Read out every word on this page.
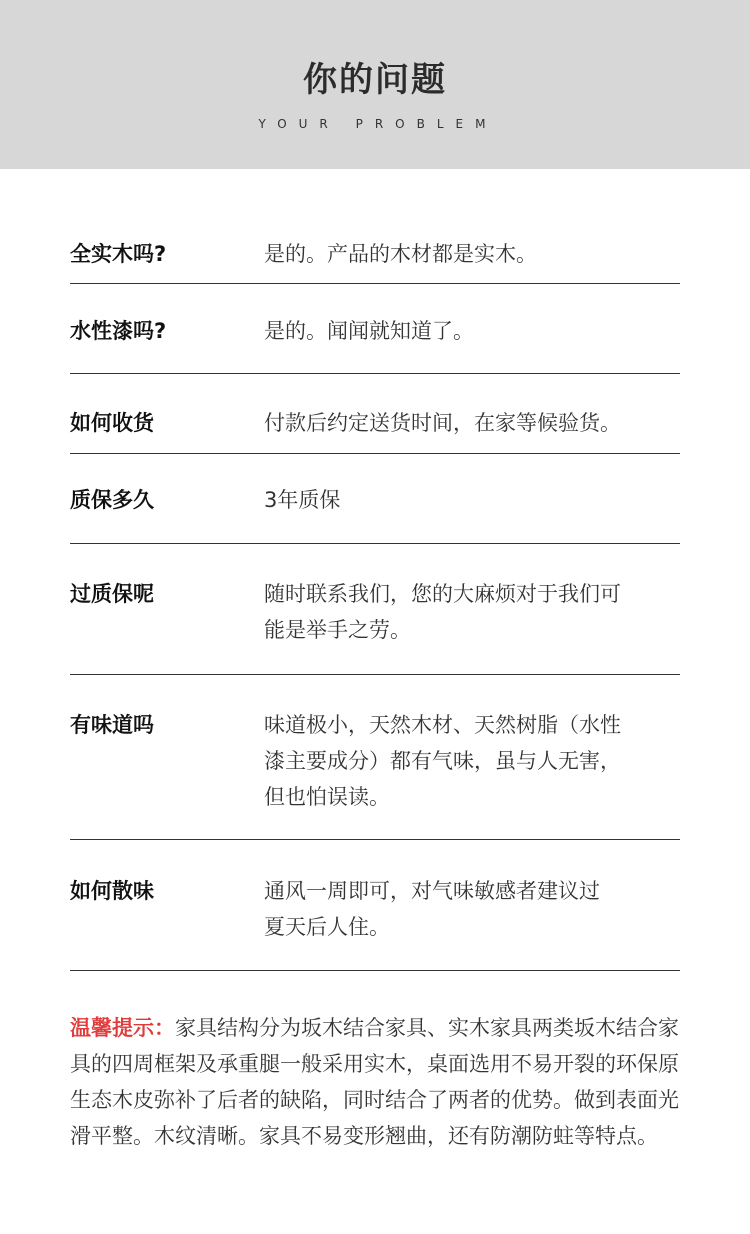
你的问题
YOUR PROBLEM
全实木吗?	是的。产品的木材都是实木。
水性漆吗?	是的。闻闻就知道了。
如何收货	付款后约定送货时间，在家等候验货。
质保多久	3年质保
过质保呢	随时联系我们，您的大麻烦对于我们可
能是举手之劳。
有味道吗	味道极小，天然木材、天然树脂（水性
漆主要成分）都有气味，虽与人无害，
但也怕误读。
如何散味	通风一周即可，对气味敏感者建议过
夏天后人住。
温馨提示：家具结构分为坂木结合家具、实木家具两类坂木结合家具的四周框架及承重腿一般采用实木，桌面选用不易开裂的环保原生态木皮弥补了后者的缺陷，同时结合了两者的优势。做到表面光滑平整。木纹清晰。家具不易变形翘曲，还有防潮防蛀等特点。
